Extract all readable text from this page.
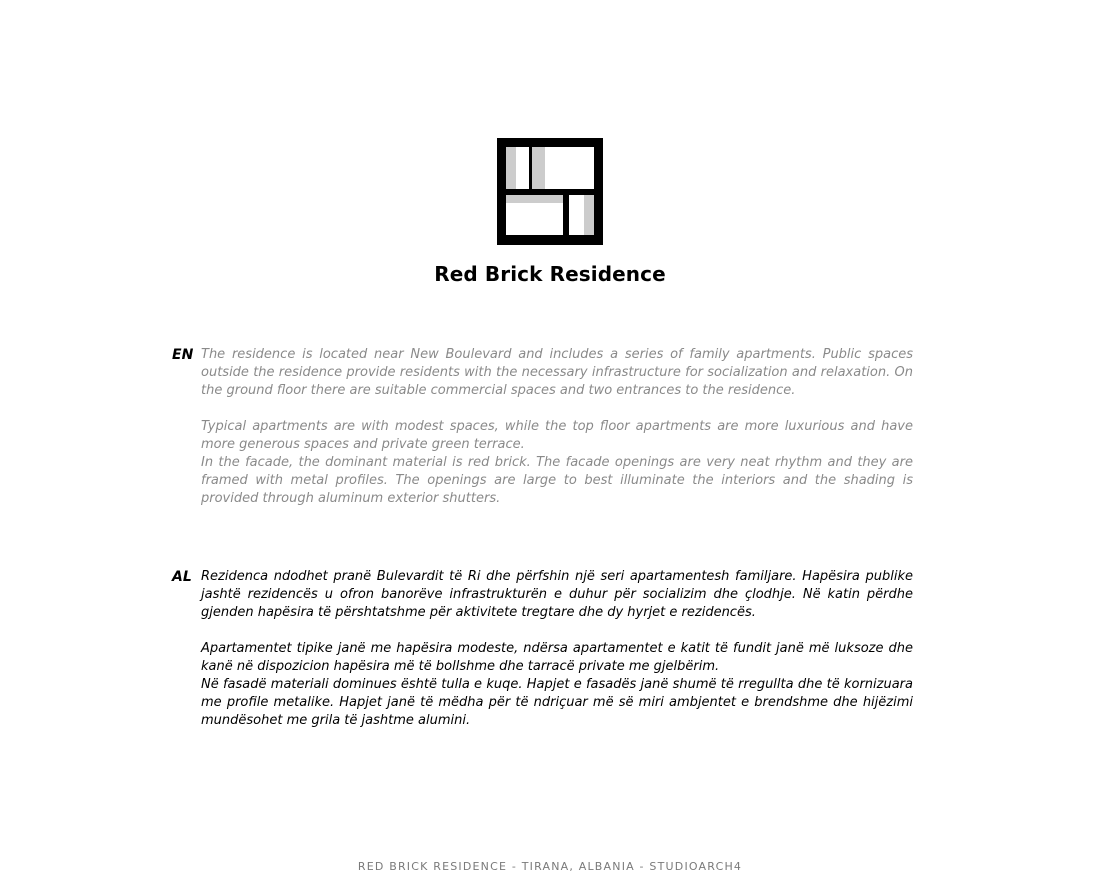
Red Brick Residence
EN The residence is located near New Boulevard and includes a series of family apartments. Public spaces outside the residence provide residents with the necessary infrastructure for socialization and relaxation. On the ground floor there are suitable commercial spaces and two entrances to the residence.

Typical apartments are with modest spaces, while the top floor apartments are more luxurious and have more generous spaces and private green terrace.

In the facade, the dominant material is red brick. The facade openings are very neat rhythm and they are framed with metal profiles. The openings are large to best illuminate the interiors and the shading is provided through aluminum exterior shutters.

AL Rezidenca ndodhet pranë Bulevardit të Ri dhe përfshin një seri apartamentesh familjare. Hapësira publike jashtë rezidencës u ofron banorëve infrastrukturën e duhur për socializim dhe çlodhje. Në katin përdhe gjenden hapësira të përshtatshme për aktivitete tregtare dhe dy hyrjet e rezidencës.

Apartamentet tipike janë me hapësira modeste, ndërsa apartamentet e katit të fundit janë më luksoze dhe kanë në dispozicion hapësira më të bollshme dhe tarracë private me gjelbërim.

Në fasadë materiali dominues është tulla e kuqe. Hapjet e fasadës janë shumë të rregullta dhe të kornizuara me profile metalike. Hapjet janë të mëdha për të ndriçuar më së miri ambjentet e brendshme dhe hijëzimi mundësohet me grila të jashtme alumini.

RED BRICK RESIDENCE - TIRANA, ALBANIA - STUDIOARCH4
